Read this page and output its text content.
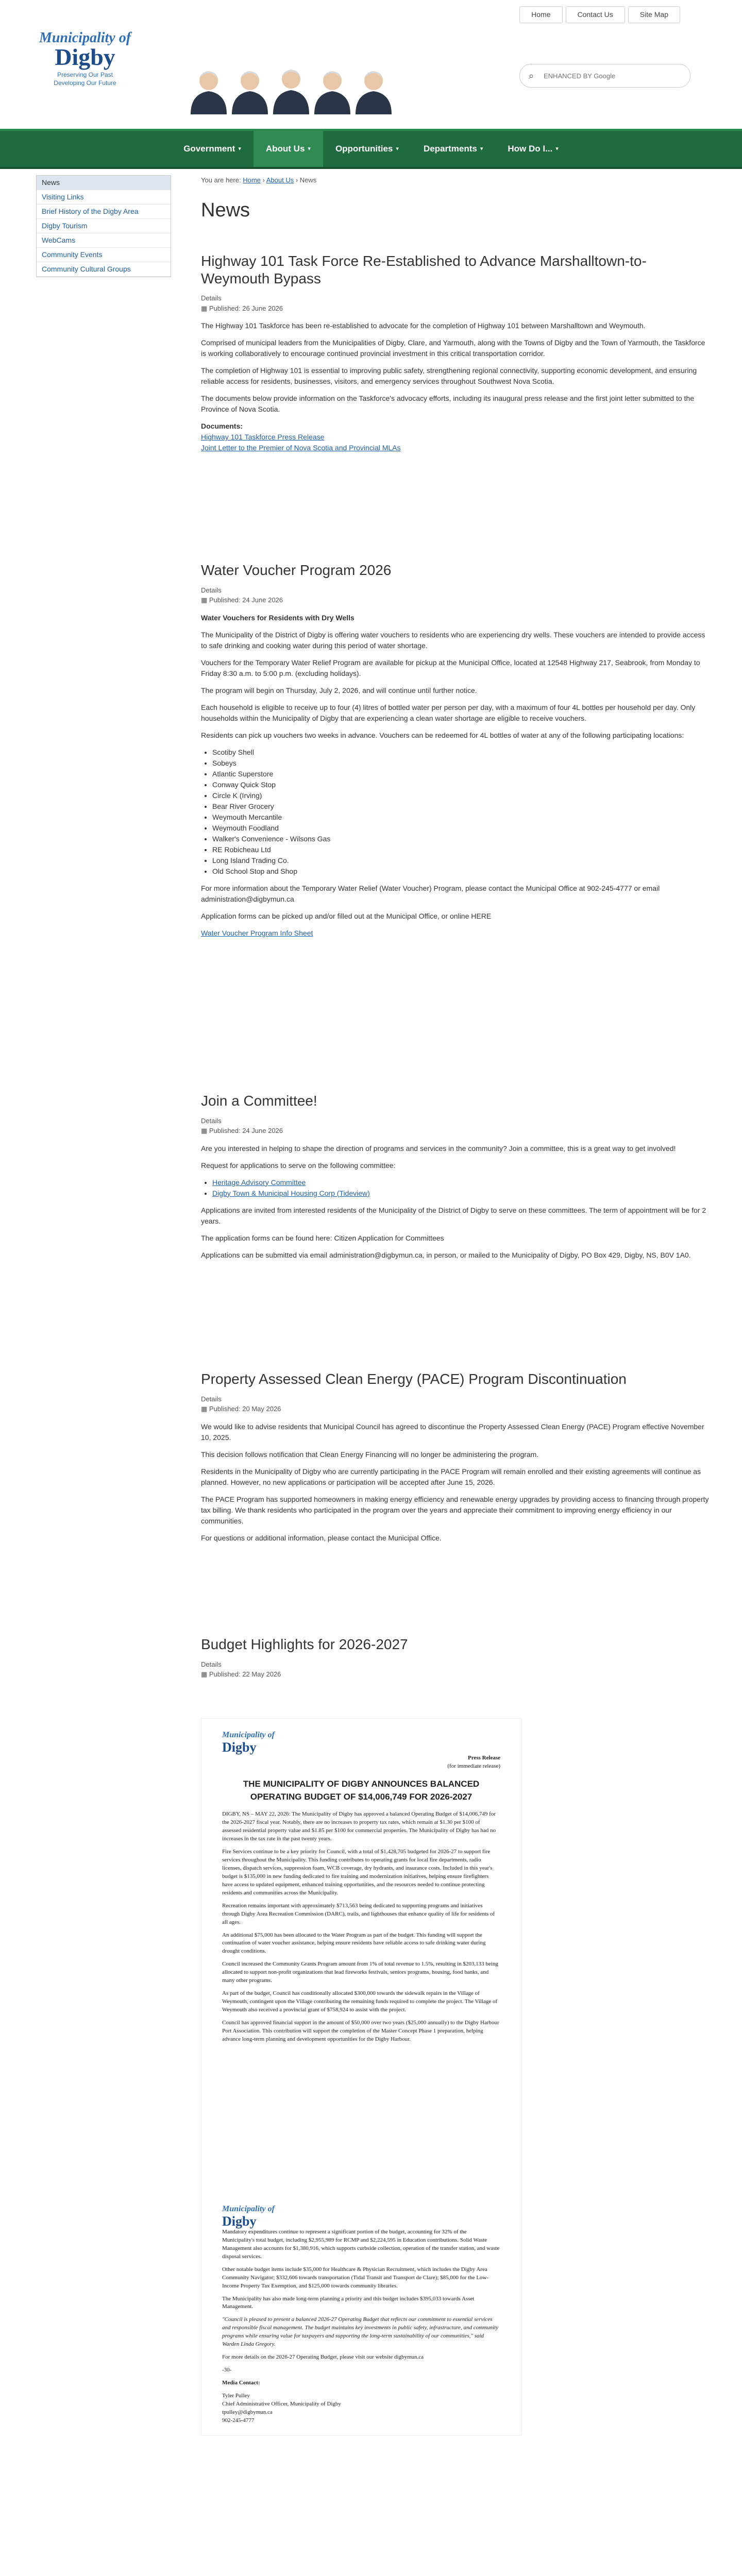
Home	Contact Us	Site Map
Municipality of
Digby
Preserving Our Past
Developing Our Future
⌕
ENHANCED BY Google
Government ▾	About Us ▾	Opportunities ▾	Departments ▾	How Do I... ▾
News
Visiting Links
Brief History of the Digby Area
Digby Tourism
WebCams
Community Events
Community Cultural Groups
You are here: Home › About Us › News
News
Highway 101 Task Force Re-Established to Advance Marshalltown-to-Weymouth Bypass
Details
▦ Published: 26 June 2026

The Highway 101 Taskforce has been re-established to advocate for the completion of Highway 101 between Marshalltown and Weymouth.

Comprised of municipal leaders from the Municipalities of Digby, Clare, and Yarmouth, along with the Towns of Digby and the Town of Yarmouth, the Taskforce is working collaboratively to encourage continued provincial investment in this critical transportation corridor.

The completion of Highway 101 is essential to improving public safety, strengthening regional connectivity, supporting economic development, and ensuring reliable access for residents, businesses, visitors, and emergency services throughout Southwest Nova Scotia.

The documents below provide information on the Taskforce's advocacy efforts, including its inaugural press release and the first joint letter submitted to the Province of Nova Scotia.

Documents:
Highway 101 Taskforce Press Release
Joint Letter to the Premier of Nova Scotia and Provincial MLAs
Water Voucher Program 2026
Details
▦ Published: 24 June 2026

Water Vouchers for Residents with Dry Wells

The Municipality of the District of Digby is offering water vouchers to residents who are experiencing dry wells. These vouchers are intended to provide access to safe drinking and cooking water during this period of water shortage.

Vouchers for the Temporary Water Relief Program are available for pickup at the Municipal Office, located at 12548 Highway 217, Seabrook, from Monday to Friday 8:30 a.m. to 5:00 p.m. (excluding holidays).

The program will begin on Thursday, July 2, 2026, and will continue until further notice.

Each household is eligible to receive up to four (4) litres of bottled water per person per day, with a maximum of four 4L bottles per household per day. Only households within the Municipality of Digby that are experiencing a clean water shortage are eligible to receive vouchers.

Residents can pick up vouchers two weeks in advance. Vouchers can be redeemed for 4L bottles of water at any of the following participating locations:

• Scotiby Shell
• Sobeys
• Atlantic Superstore
• Conway Quick Stop
• Circle K (Irving)
• Bear River Grocery
• Weymouth Mercantile
• Weymouth Foodland
• Walker's Convenience - Wilsons Gas
• RE Robicheau Ltd
• Long Island Trading Co.
• Old School Stop and Shop

For more information about the Temporary Water Relief (Water Voucher) Program, please contact the Municipal Office at 902-245-4777 or email administration@digbymun.ca

Application forms can be picked up and/or filled out at the Municipal Office, or online HERE

Water Voucher Program Info Sheet
Join a Committee!
Details
▦ Published: 24 June 2026

Are you interested in helping to shape the direction of programs and services in the community? Join a committee, this is a great way to get involved!

Request for applications to serve on the following committee:

• Heritage Advisory Committee
• Digby Town & Municipal Housing Corp (Tideview)

Applications are invited from interested residents of the Municipality of the District of Digby to serve on these committees. The term of appointment will be for 2 years.

The application forms can be found here: Citizen Application for Committees

Applications can be submitted via email administration@digbymun.ca, in person, or mailed to the Municipality of Digby, PO Box 429, Digby, NS, B0V 1A0.

Property Assessed Clean Energy (PACE) Program Discontinuation
Details
▦ Published: 20 May 2026

We would like to advise residents that Municipal Council has agreed to discontinue the Property Assessed Clean Energy (PACE) Program effective November 10, 2025.

This decision follows notification that Clean Energy Financing will no longer be administering the program.

Residents in the Municipality of Digby who are currently participating in the PACE Program will remain enrolled and their existing agreements will continue as planned. However, no new applications or participation will be accepted after June 15, 2026.

The PACE Program has supported homeowners in making energy efficiency and renewable energy upgrades by providing access to financing through property tax billing. We thank residents who participated in the program over the years and appreciate their commitment to improving energy efficiency in our communities.

For questions or additional information, please contact the Municipal Office.

Budget Highlights for 2026-2027
Details
▦ Published: 22 May 2026
Municipality of
Digby
Press Release
(for immediate release)
THE MUNICIPALITY OF DIGBY ANNOUNCES BALANCED OPERATING BUDGET OF $14,006,749 FOR 2026-2027

DIGBY, NS – MAY 22, 2026: The Municipality of Digby has approved a balanced Operating Budget of $14,006,749 for the 2026-2027 fiscal year. Notably, there are no increases to property tax rates, which remain at $1.30 per $100 of assessed residential property value and $1.85 per $100 for commercial properties. The Municipality of Digby has had no increases in the tax rate in the past twenty years.

Fire Services continue to be a key priority for Council, with a total of $1,428,705 budgeted for 2026-27 to support fire services throughout the Municipality. This funding contributes to operating grants for local fire departments, radio licenses, dispatch services, suppression foam, WCB coverage, dry hydrants, and insurance costs. Included in this year's budget is $135,000 in new funding dedicated to fire training and modernization initiatives, helping ensure firefighters have access to updated equipment, enhanced training opportunities, and the resources needed to continue protecting residents and communities across the Municipality.

Recreation remains important with approximately $713,563 being dedicated to supporting programs and initiatives through Digby Area Recreation Commission (DARC), trails, and lighthouses that enhance quality of life for residents of all ages.

An additional $75,000 has been allocated to the Water Program as part of the budget. This funding will support the continuation of water voucher assistance, helping ensure residents have reliable access to safe drinking water during drought conditions.

Council increased the Community Grants Program amount from 1% of total revenue to 1.5%, resulting in $203,133 being allocated to support non-profit organizations that lead fireworks festivals, seniors programs, housing, food banks, and many other programs.

As part of the budget, Council has conditionally allocated $300,000 towards the sidewalk repairs in the Village of Weymouth, contingent upon the Village contributing the remaining funds required to complete the project. The Village of Weymouth also received a provincial grant of $758,924 to assist with the project.

Council has approved financial support in the amount of $50,000 over two years ($25,000 annually) to the Digby Harbour Port Association. This contribution will support the completion of the Master Concept Phase 1 preparation, helping advance long-term planning and development opportunities for the Digby Harbour.

Municipality of
Digby

Mandatory expenditures continue to represent a significant portion of the budget, accounting for 32% of the Municipality's total budget, including $2,955,989 for RCMP and $2,224,595 in Education contributions. Solid Waste Management also accounts for $1,380,916, which supports curbside collection, operation of the transfer station, and waste disposal services.

Other notable budget items include $35,000 for Healthcare & Physician Recruitment, which includes the Digby Area Community Navigator; $332,606 towards transportation (Tidal Transit and Transport de Clare); $85,000 for the Low-Income Property Tax Exemption, and $125,000 towards community libraries.

The Municipality has also made long-term planning a priority and this budget includes $395,033 towards Asset Management.

"Council is pleased to present a balanced 2026-27 Operating Budget that reflects our commitment to essential services and responsible fiscal management. The budget maintains key investments in public safety, infrastructure, and community programs while ensuring value for taxpayers and supporting the long-term sustainability of our communities," said Warden Linda Gregory.

For more details on the 2026-27 Operating Budget, please visit our website digbymun.ca

-30-

Media Contact:

Tyler Pulley
Chief Administrative Officer, Municipality of Digby
tpulley@digbymun.ca
902-245-4777
